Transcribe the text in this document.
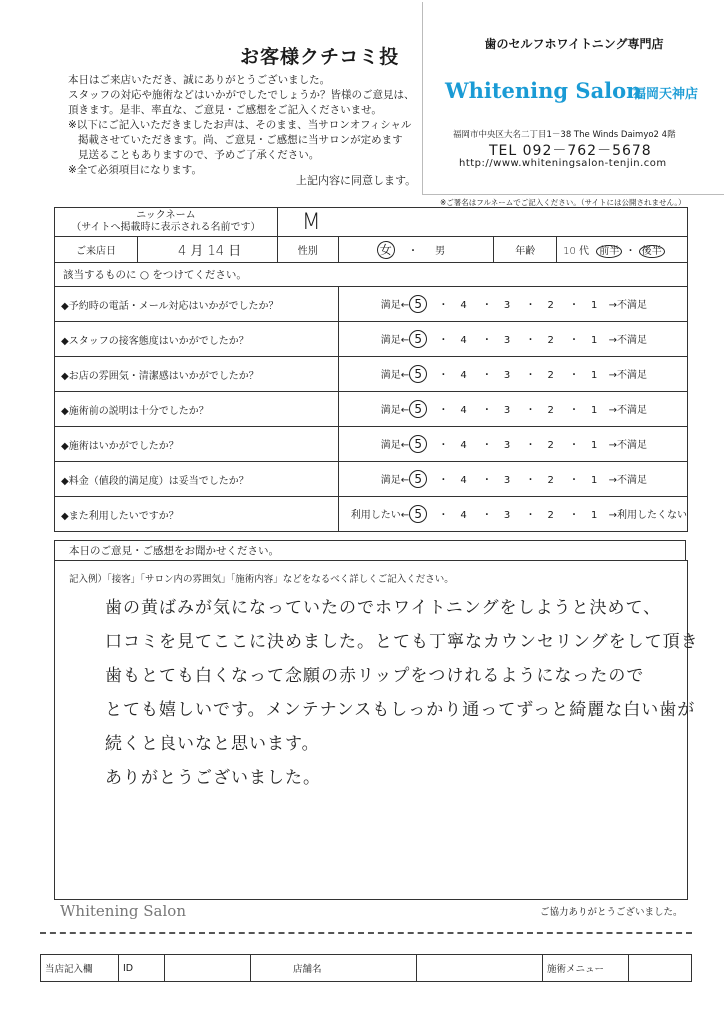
お客様クチコミ投
本日はご来店いただき、誠にありがとうございました。
スタッフの対応や施術などはいかがでしたでしょうか？皆様のご意見は、
頂きます。是非、率直な、ご意見・ご感想をご記入くださいませ。
※以下にご記入いただきましたお声は、そのまま、当サロンオフィシャル
掲載させていただきます。尚、ご意見・ご感想に当サロンが定めます
見送ることもありますので、予めご了承ください。
※全て必須項目になります。
上記内容に同意します。
歯のセルフホワイトニング専門店
Whitening Salon
福岡天神店
福岡市中央区大名二丁目1－38 The Winds Daimyo2 4階
TEL 092－762－5678
http://www.whiteningsalon-tenjin.com
※ご署名はフルネームでご記入ください。（サイトには公開されません。）
ニックネーム
（サイトへ掲載時に表示される名前です）		M			
ご来店日	4 月 14 日	性別	女 ・ 男	年齢	10 代 前半 ・ 後半
該当するものに ○ をつけてください。					
◆予約時の電話・メール対応はいかがでしたか？			満足← 5 ・ 4 ・ 3 ・ 2 ・ 1 →不満足		
◆スタッフの接客態度はいかがでしたか？			満足← 5 ・ 4 ・ 3 ・ 2 ・ 1 →不満足		
◆お店の雰囲気・清潔感はいかがでしたか？			満足← 5 ・ 4 ・ 3 ・ 2 ・ 1 →不満足		
◆施術前の説明は十分でしたか？			満足← 5 ・ 4 ・ 3 ・ 2 ・ 1 →不満足		
◆施術はいかがでしたか？			満足← 5 ・ 4 ・ 3 ・ 2 ・ 1 →不満足		
◆料金（値段的満足度）は妥当でしたか？			満足← 5 ・ 4 ・ 3 ・ 2 ・ 1 →不満足		
◆また利用したいですか？			利用したい← 5 ・ 4 ・ 3 ・ 2 ・ 1 →利用したくない		
本日のご意見・ご感想をお聞かせください。
記入例）「接客」「サロン内の雰囲気」「施術内容」などをなるべく詳しくご記入ください。
歯の黄ばみが気になっていたのでホワイトニングをしようと決めて、
口コミを見てここに決めました。とても丁寧なカウンセリングをして頂き
歯もとても白くなって念願の赤リップをつけれるようになったので
とても嬉しいです。メンテナンスもしっかり通ってずっと綺麗な白い歯が
続くと良いなと思います。
ありがとうございました。
Whitening Salon	ご協力ありがとうございました。
当店記入欄	ID		店舗名		施術メニュー	
